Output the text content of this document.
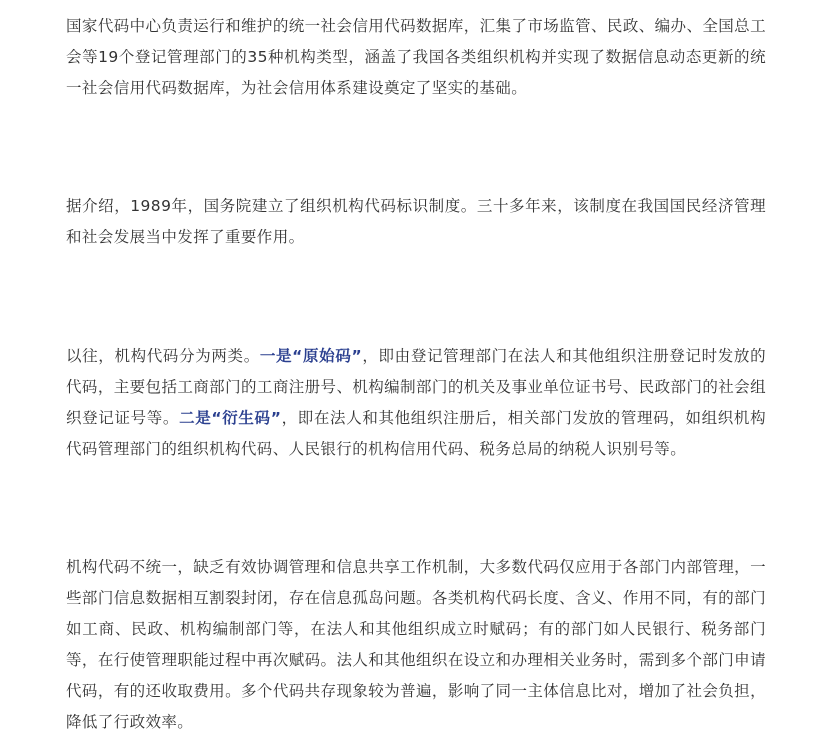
国家代码中心负责运行和维护的统一社会信用代码数据库，汇集了市场监管、民政、编办、全国总工会等19个登记管理部门的35种机构类型，涵盖了我国各类组织机构并实现了数据信息动态更新的统一社会信用代码数据库，为社会信用体系建设奠定了坚实的基础。

据介绍，1989年，国务院建立了组织机构代码标识制度。三十多年来，该制度在我国国民经济管理和社会发展当中发挥了重要作用。

以往，机构代码分为两类。一是“原始码”，即由登记管理部门在法人和其他组织注册登记时发放的代码，主要包括工商部门的工商注册号、机构编制部门的机关及事业单位证书号、民政部门的社会组织登记证号等。二是“衍生码”，即在法人和其他组织注册后，相关部门发放的管理码，如组织机构代码管理部门的组织机构代码、人民银行的机构信用代码、税务总局的纳税人识别号等。

机构代码不统一，缺乏有效协调管理和信息共享工作机制，大多数代码仅应用于各部门内部管理，一些部门信息数据相互割裂封闭，存在信息孤岛问题。各类机构代码长度、含义、作用不同，有的部门如工商、民政、机构编制部门等，在法人和其他组织成立时赋码；有的部门如人民银行、税务部门等，在行使管理职能过程中再次赋码。法人和其他组织在设立和办理相关业务时，需到多个部门申请代码，有的还收取费用。多个代码共存现象较为普遍，影响了同一主体信息比对，增加了社会负担，降低了行政效率。
